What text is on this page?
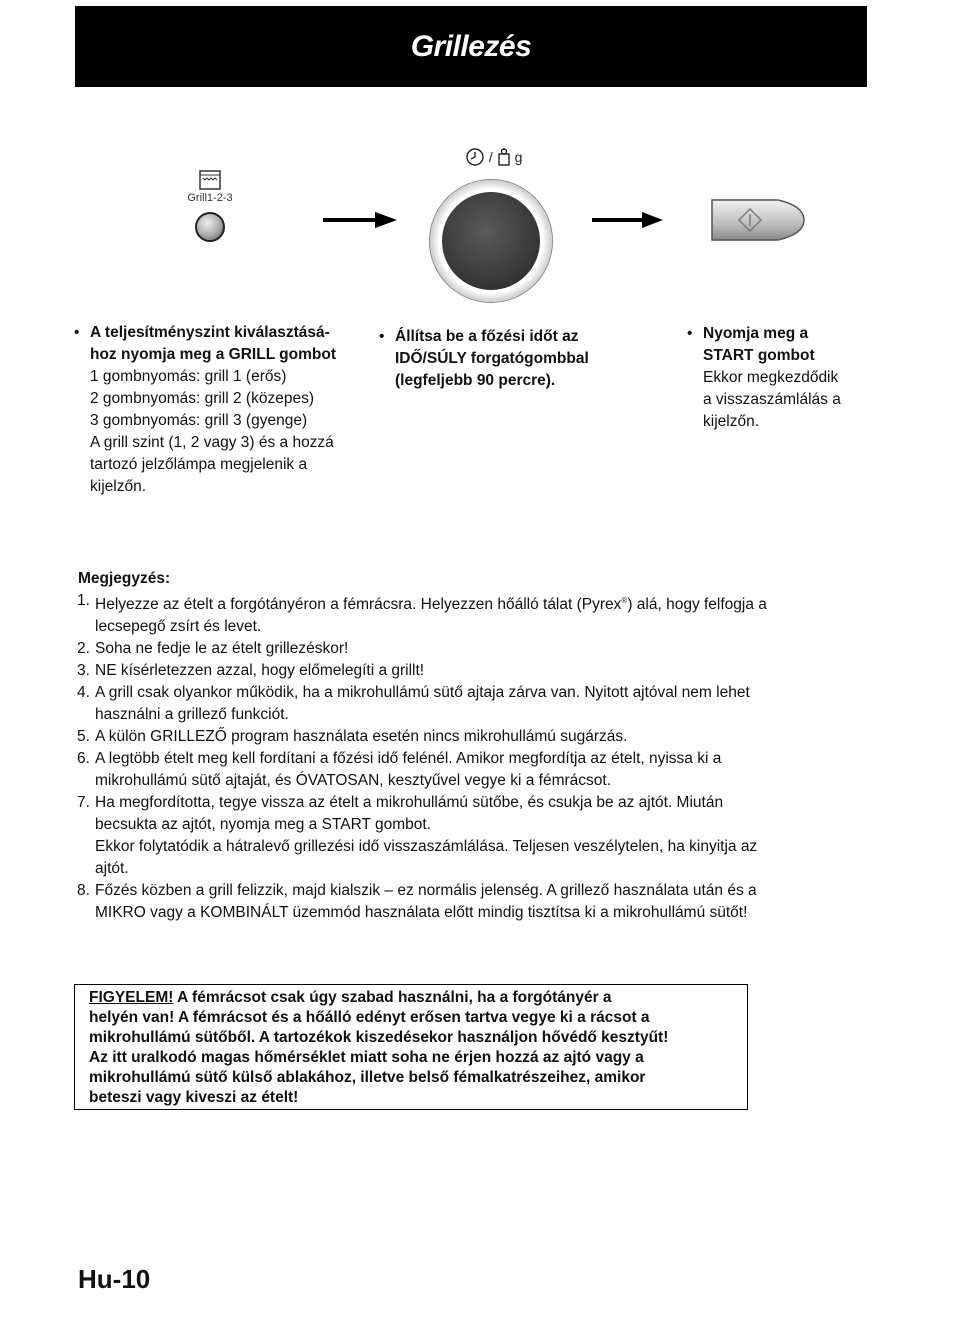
Grillezés
Grill1-2-3
/ g
• A teljesítményszint kiválasztásá-
hoz nyomja meg a GRILL gombot
1 gombnyomás: grill 1 (erős)
2 gombnyomás: grill 2 (közepes)
3 gombnyomás: grill 3 (gyenge)
A grill szint (1, 2 vagy 3) és a hozzá
tartozó jelzőlámpa megjelenik a
kijelzőn.
• Állítsa be a főzési időt az
IDŐ/SÚLY forgatógombbal
(legfeljebb 90 percre).
• Nyomja meg a
START gombot
Ekkor megkezdődik
a visszaszámlálás a
kijelzőn.
Megjegyzés:
1. Helyezze az ételt a forgótányéron a fémrácsra. Helyezzen hőálló tálat (Pyrex®) alá, hogy felfogja a
lecsepegő zsírt és levet.
2. Soha ne fedje le az ételt grillezéskor!
3. NE kísérletezzen azzal, hogy előmelegíti a grillt!
4. A grill csak olyankor működik, ha a mikrohullámú sütő ajtaja zárva van. Nyitott ajtóval nem lehet
használni a grillező funkciót.
5. A külön GRILLEZŐ program használata esetén nincs mikrohullámú sugárzás.
6. A legtöbb ételt meg kell fordítani a főzési idő felénél. Amikor megfordítja az ételt, nyissa ki a
mikrohullámú sütő ajtaját, és ÓVATOSAN, kesztyűvel vegye ki a fémrácsot.
7. Ha megfordította, tegye vissza az ételt a mikrohullámú sütőbe, és csukja be az ajtót. Miután
becsukta az ajtót, nyomja meg a START gombot.
Ekkor folytatódik a hátralevő grillezési idő visszaszámlálása. Teljesen veszélytelen, ha kinyitja az
ajtót.
8. Főzés közben a grill felizzik, majd kialszik – ez normális jelenség. A grillező használata után és a
MIKRO vagy a KOMBINÁLT üzemmód használata előtt mindig tisztítsa ki a mikrohullámú sütőt!
FIGYELEM! A fémrácsot csak úgy szabad használni, ha a forgótányér a
helyén van! A fémrácsot és a hőálló edényt erősen tartva vegye ki a rácsot a
mikrohullámú sütőből. A tartozékok kiszedésekor használjon hővédő kesztyűt!
Az itt uralkodó magas hőmérséklet miatt soha ne érjen hozzá az ajtó vagy a
mikrohullámú sütő külső ablakához, illetve belső fémalkatrészeihez, amikor
beteszi vagy kiveszi az ételt!
Hu-10
